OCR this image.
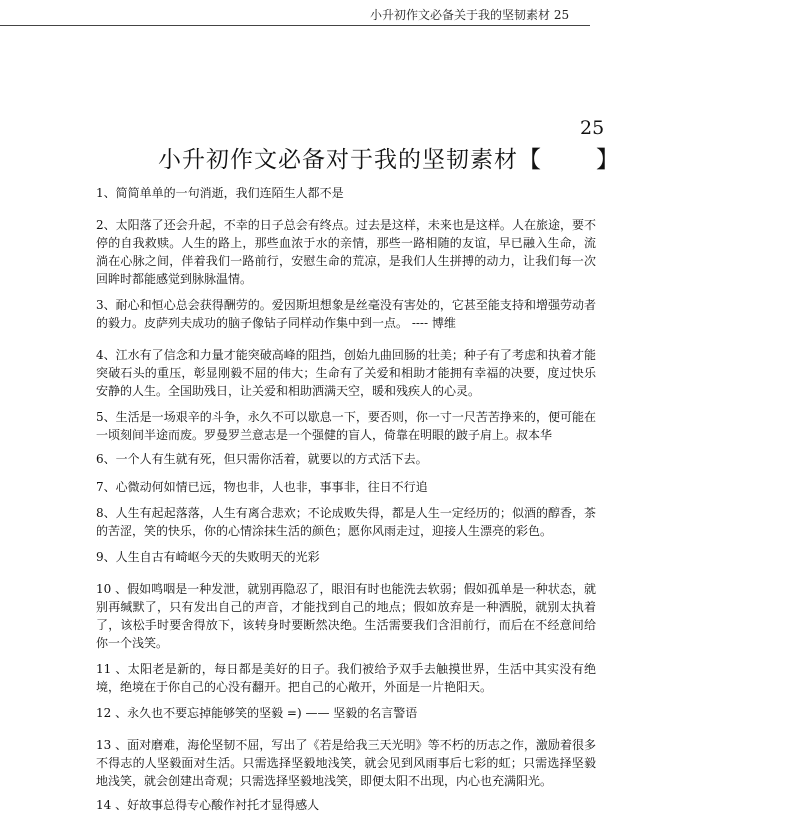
小升初作文必备关于我的坚韧素材 25
25
小升初作文必备对于我的坚韧素材【 】

1、简简单单的一句消逝，我们连陌生人都不是

2、太阳落了还会升起，不幸的日子总会有终点。过去是这样，未来也是这样。人在旅途，要不停的自我救赎。人生的路上，那些血浓于水的亲情，那些一路相随的友谊，早已融入生命，流淌在心脉之间，伴着我们一路前行，安慰生命的荒凉，是我们人生拼搏的动力，让我们每一次回眸时都能感觉到脉脉温情。

3、耐心和恒心总会获得酬劳的。爱因斯坦想象是丝毫没有害处的，它甚至能支持和增强劳动者的毅力。皮萨列夫成功的脑子像钻子同样动作集中到一点。 ---- 博维

4、江水有了信念和力量才能突破高峰的阻挡，创始九曲回肠的壮美；种子有了考虑和执着才能突破石头的重压，彰显刚毅不屈的伟大；生命有了关爱和相助才能拥有幸福的决要，度过快乐安静的人生。全国助残日，让关爱和相助洒满天空，暖和残疾人的心灵。

5、生活是一场艰辛的斗争，永久不可以歇息一下，要否则，你一寸一尺苦苦挣来的，便可能在一顷刻间半途而废。罗曼罗兰意志是一个强健的盲人，倚靠在明眼的跛子肩上。叔本华

6、一个人有生就有死，但只需你活着，就要以的方式活下去。

7、心微动何如情已远，物也非，人也非，事事非，往日不行追

8、人生有起起落落，人生有离合悲欢；不论成败失得，都是人生一定经历的；似酒的醇香，茶的苦涩，笑的快乐，你的心情涂抹生活的颜色；愿你风雨走过，迎接人生漂亮的彩色。

9、人生自古有崎岖今天的失败明天的光彩

10 、假如鸣咽是一种发泄，就别再隐忍了，眼泪有时也能洗去软弱；假如孤单是一种状态，就别再缄默了，只有发出自己的声音，才能找到自己的地点；假如放弃是一种洒脱，就别太执着了，该松手时要舍得放下，该转身时要断然决绝。生活需要我们含泪前行，而后在不经意间给你一个浅笑。

11 、太阳老是新的，每日都是美好的日子。我们被给予双手去触摸世界，生活中其实没有绝境，绝境在于你自己的心没有翻开。把自己的心敞开，外面是一片艳阳天。

12 、永久也不要忘掉能够笑的坚毅 =) —— 坚毅的名言警语

13 、面对磨难，海伦坚韧不屈，写出了《若是给我三天光明》等不朽的历志之作，激励着很多不得志的人坚毅面对生活。只需选择坚毅地浅笑，就会见到风雨事后七彩的虹；只需选择坚毅地浅笑，就会创建出奇观；只需选择坚毅地浅笑，即便太阳不出现，内心也充满阳光。

14 、好故事总得专心酸作衬托才显得感人
